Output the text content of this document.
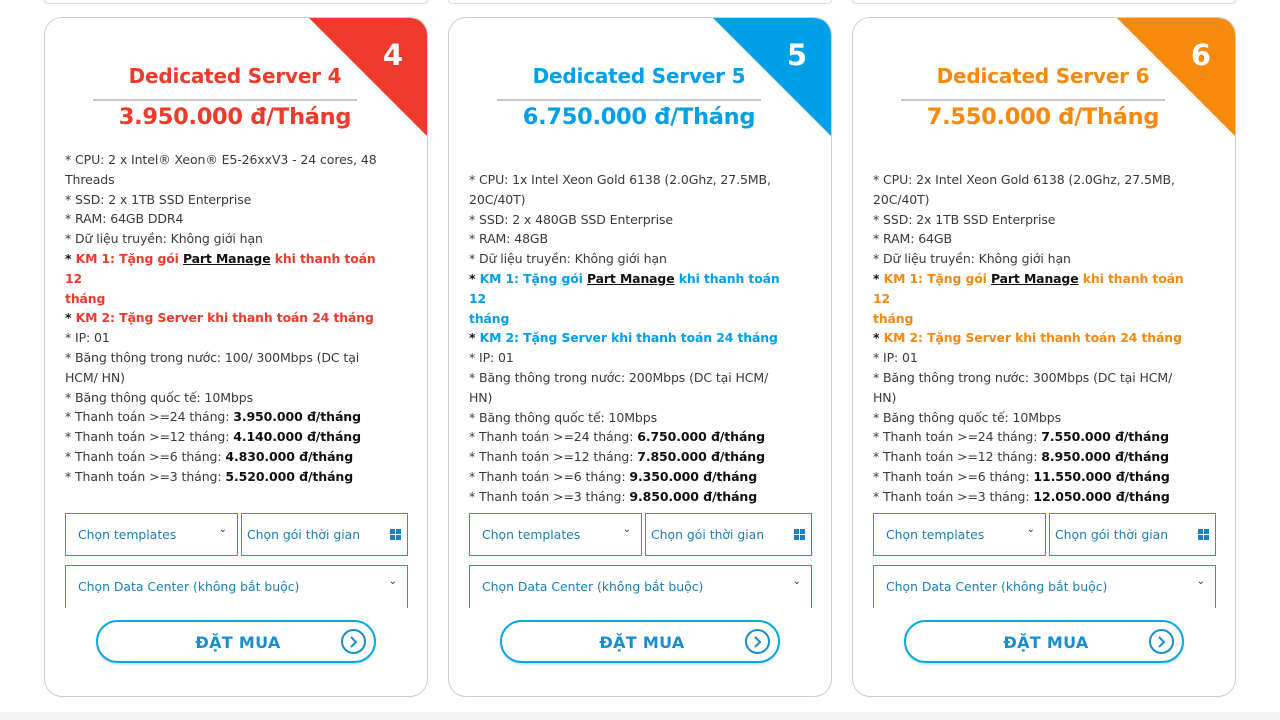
4
Dedicated Server 4
3.950.000 đ/Tháng
* CPU: 2 x Intel® Xeon® E5-26xxV3 - 24 cores, 48
Threads
* SSD: 2 x 1TB SSD Enterprise
* RAM: 64GB DDR4
* Dữ liệu truyền: Không giới hạn
* KM 1: Tặng gói Part Manage khi thanh toán 12
tháng
* KM 2: Tặng Server khi thanh toán 24 tháng
* IP: 01
* Băng thông trong nước: 100/ 300Mbps (DC tại
HCM/ HN)
* Băng thông quốc tế: 10Mbps
* Thanh toán >=24 tháng: 3.950.000 đ/tháng
* Thanh toán >=12 tháng: 4.140.000 đ/tháng
* Thanh toán >=6 tháng: 4.830.000 đ/tháng
* Thanh toán >=3 tháng: 5.520.000 đ/tháng
Chọn templates	⌄ Chọn gói thời gian
Chọn Data Center (không bắt buộc)	⌄
ĐẶT MUA
5
Dedicated Server 5
6.750.000 đ/Tháng
* CPU: 1x Intel Xeon Gold 6138 (2.0Ghz, 27.5MB,
20C/40T)
* SSD: 2 x 480GB SSD Enterprise
* RAM: 48GB
* Dữ liệu truyền: Không giới hạn
* KM 1: Tặng gói Part Manage khi thanh toán 12
tháng
* KM 2: Tặng Server khi thanh toán 24 tháng
* IP: 01
* Băng thông trong nước: 200Mbps (DC tại HCM/
HN)
* Băng thông quốc tế: 10Mbps
* Thanh toán >=24 tháng: 6.750.000 đ/tháng
* Thanh toán >=12 tháng: 7.850.000 đ/tháng
* Thanh toán >=6 tháng: 9.350.000 đ/tháng
* Thanh toán >=3 tháng: 9.850.000 đ/tháng
Chọn templates	⌄ Chọn gói thời gian
Chọn Data Center (không bắt buộc)	⌄
ĐẶT MUA
6
Dedicated Server 6
7.550.000 đ/Tháng
* CPU: 2x Intel Xeon Gold 6138 (2.0Ghz, 27.5MB,
20C/40T)
* SSD: 2x 1TB SSD Enterprise
* RAM: 64GB
* Dữ liệu truyền: Không giới hạn
* KM 1: Tặng gói Part Manage khi thanh toán 12
tháng
* KM 2: Tặng Server khi thanh toán 24 tháng
* IP: 01
* Băng thông trong nước: 300Mbps (DC tại HCM/
HN)
* Băng thông quốc tế: 10Mbps
* Thanh toán >=24 tháng: 7.550.000 đ/tháng
* Thanh toán >=12 tháng: 8.950.000 đ/tháng
* Thanh toán >=6 tháng: 11.550.000 đ/tháng
* Thanh toán >=3 tháng: 12.050.000 đ/tháng
Chọn templates	⌄ Chọn gói thời gian
Chọn Data Center (không bắt buộc)	⌄
ĐẶT MUA
